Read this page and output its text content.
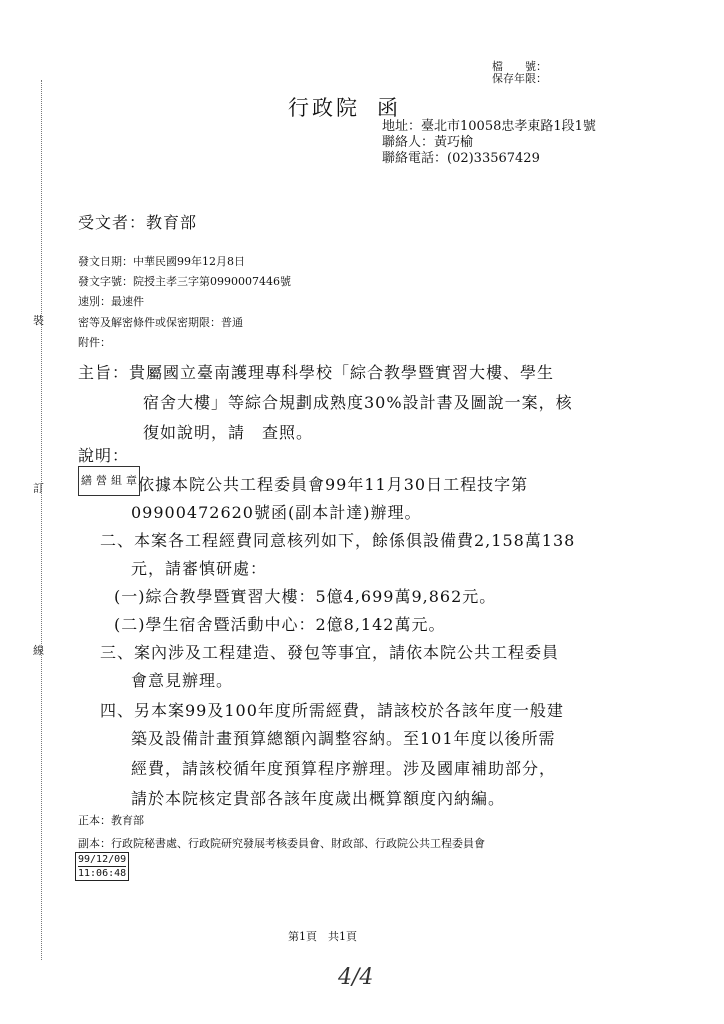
裝
訂
線
檔　　號：
保存年限：
行政院 函
地址：臺北市10058忠孝東路1段1號
聯絡人：黃巧榆
聯絡電話：(02)33567429
受文者：教育部
發文日期：中華民國99年12月8日
發文字號：院授主孝三字第0990007446號
速別：最速件
密等及解密條件或保密期限：普通
附件：
主旨：貴屬國立臺南護理專科學校「綜合教學暨實習大樓、學生
宿舍大樓」等綜合規劃成熟度30%設計書及圖說一案，核
復如說明，請　查照。
說明：
繕 營 組 章 依據本院公共工程委員會99年11月30日工程技字第
09900472620號函(副本計達)辦理。
二、本案各工程經費同意核列如下，餘係俱設備費2,158萬138
元，請審慎研處：
(一)綜合教學暨實習大樓：5億4,699萬9,862元。
(二)學生宿舍暨活動中心：2億8,142萬元。
三、案內涉及工程建造、發包等事宜，請依本院公共工程委員
會意見辦理。
四、另本案99及100年度所需經費，請該校於各該年度一般建
築及設備計畫預算總額內調整容納。至101年度以後所需
經費，請該校循年度預算程序辦理。涉及國庫補助部分，
請於本院核定貴部各該年度歲出概算額度內納編。
正本：教育部
副本：行政院秘書處、行政院研究發展考核委員會、財政部、行政院公共工程委員會
99/12/09
11:06:48
第1頁　共1頁
4/4
